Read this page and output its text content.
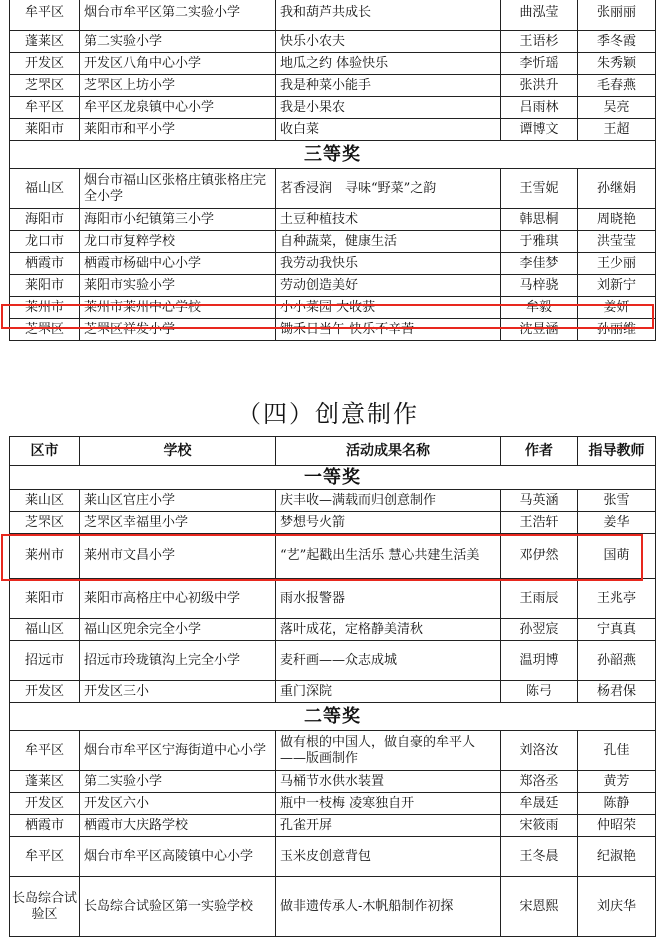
牟平区	烟台市牟平区第二实验小学	我和葫芦共成长	曲泓莹	张丽丽
蓬莱区	第二实验小学	快乐小农夫	王语杉	季冬霞
开发区	开发区八角中心小学	地瓜之约 体验快乐	李忻瑶	朱秀颖
芝罘区	芝罘区上坊小学	我是种菜小能手	张洪升	毛春燕
牟平区	牟平区龙泉镇中心小学	我是小果农	吕雨林	吴亮
莱阳市	莱阳市和平小学	收白菜	谭博文	王超
三等奖				
福山区	烟台市福山区张格庄镇张格庄完全小学	茗香浸润　寻味“野菜”之韵	王雪妮	孙继娟
海阳市	海阳市小纪镇第三小学	土豆种植技术	韩思桐	周晓艳
龙口市	龙口市复粹学校	自种蔬菜，健康生活	于雅琪	洪莹莹
栖霞市	栖霞市杨础中心小学	我劳动我快乐	李佳梦	王少丽
莱阳市	莱阳市实验小学	劳动创造美好	马梓骁	刘新宁
莱州市	莱州市莱州中心学校	小小菜园 大收获	牟毅	姜妍
芝罘区	芝罘区祥发小学	锄禾日当午 快乐不辛苦	沈昱涵	孙丽维
（四）创意制作
区市	学校	活动成果名称	作者	指导教师
一等奖				
莱山区	莱山区官庄小学	庆丰收—满载而归创意制作	马英涵	张雪
芝罘区	芝罘区幸福里小学	梦想号火箭	王浩轩	姜华
莱州市	莱州市文昌小学	“艺”起戳出生活乐 慧心共建生活美	邓伊然	国萌
莱阳市	莱阳市高格庄中心初级中学	雨水报警器	王雨辰	王兆亭
福山区	福山区兜余完全小学	落叶成花，定格静美清秋	孙翌宸	宁真真
招远市	招远市玲珑镇沟上完全小学	麦秆画——众志成城	温玥博	孙韶燕
开发区	开发区三小	重门深院	陈弓	杨君保
二等奖				
牟平区	烟台市牟平区宁海街道中心小学	做有根的中国人，做自豪的牟平人——版画制作	刘洛汝	孔佳
蓬莱区	第二实验小学	马桶节水供水装置	郑洛丞	黄芳
开发区	开发区六小	瓶中一枝梅 凌寒独自开	牟晟廷	陈静
栖霞市	栖霞市大庆路学校	孔雀开屏	宋筱雨	仲昭荣
牟平区	烟台市牟平区高陵镇中心小学	玉米皮创意背包	王冬晨	纪淑艳
长岛综合试验区	长岛综合试验区第一实验学校	做非遗传承人-木帆船制作初探	宋恩熙	刘庆华
